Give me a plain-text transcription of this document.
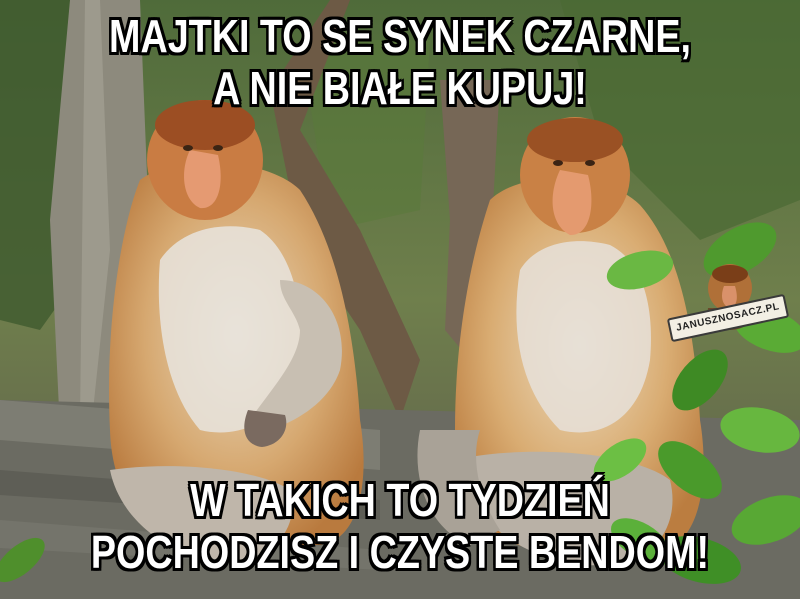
JANUSZNOSACZ.PL
MAJTKI TO SE SYNEK CZARNE,
A NIE BIAŁE KUPUJ!
W TAKICH TO TYDZIEŃ
POCHODZISZ I CZYSTE BENDOM!
